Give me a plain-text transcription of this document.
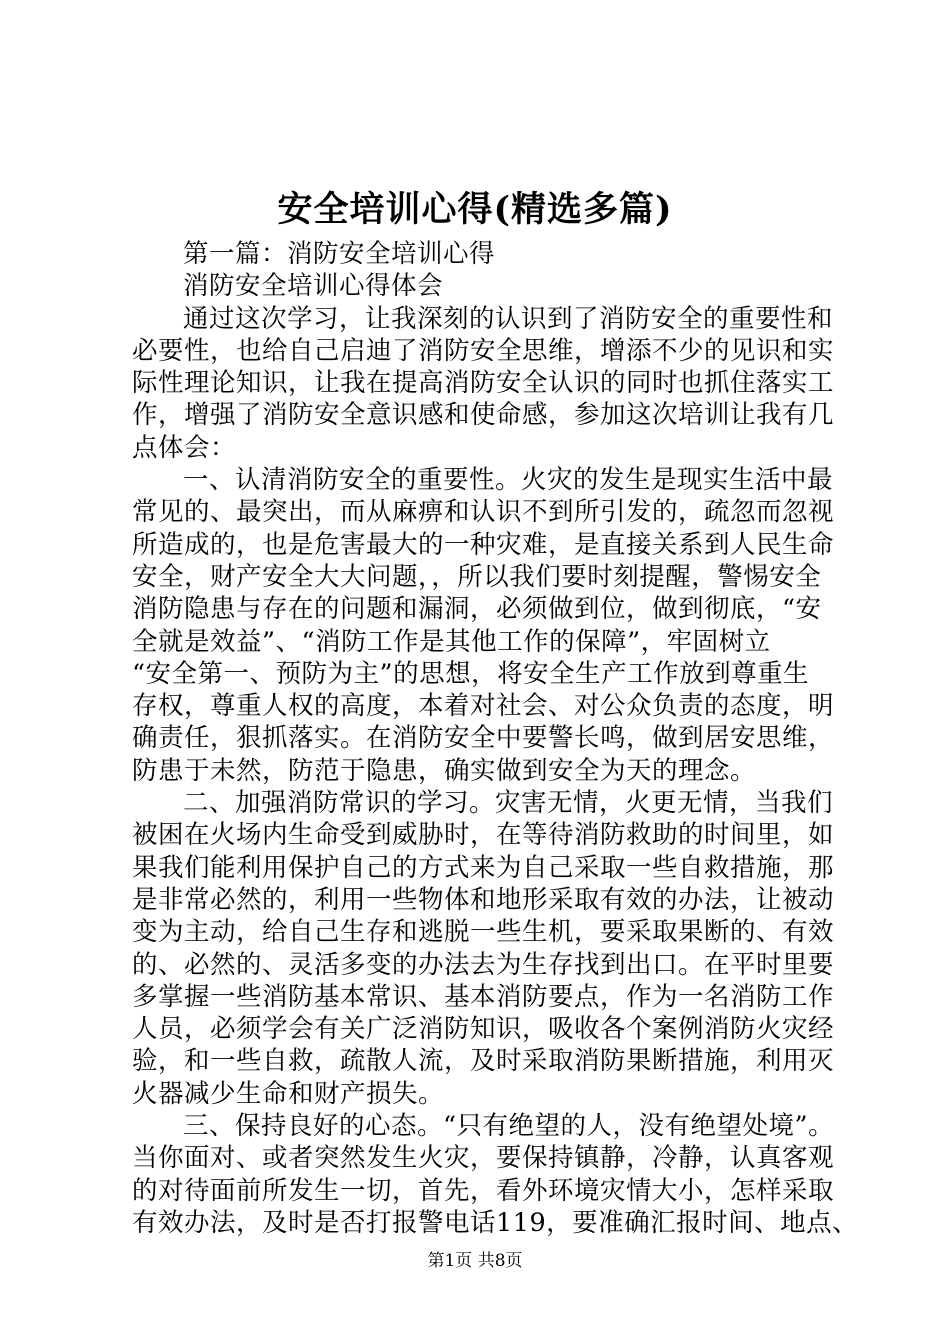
安全培训心得(精选多篇)
第一篇：消防安全培训心得
消防安全培训心得体会
通过这次学习，让我深刻的认识到了消防安全的重要性和
必要性，也给自己启迪了消防安全思维，增添不少的见识和实
际性理论知识，让我在提高消防安全认识的同时也抓住落实工
作，增强了消防安全意识感和使命感，参加这次培训让我有几
点体会：
一、认清消防安全的重要性。火灾的发生是现实生活中最
常见的、最突出，而从麻痹和认识不到所引发的，疏忽而忽视
所造成的，也是危害最大的一种灾难，是直接关系到人民生命
安全，财产安全大大问题，，所以我们要时刻提醒，警惕安全
消防隐患与存在的问题和漏洞，必须做到位，做到彻底，“安
全就是效益”、“消防工作是其他工作的保障”，牢固树立
“安全第一、预防为主”的思想，将安全生产工作放到尊重生
存权，尊重人权的高度，本着对社会、对公众负责的态度，明
确责任，狠抓落实。在消防安全中要警长鸣，做到居安思维，
防患于未然，防范于隐患，确实做到安全为天的理念。
二、加强消防常识的学习。灾害无情，火更无情，当我们
被困在火场内生命受到威胁时，在等待消防救助的时间里，如
果我们能利用保护自己的方式来为自己采取一些自救措施，那
是非常必然的，利用一些物体和地形采取有效的办法，让被动
变为主动，给自己生存和逃脱一些生机，要采取果断的、有效
的、必然的、灵活多变的办法去为生存找到出口。在平时里要
多掌握一些消防基本常识、基本消防要点，作为一名消防工作
人员，必须学会有关广泛消防知识，吸收各个案例消防火灾经
验，和一些自救，疏散人流，及时采取消防果断措施，利用灭
火器减少生命和财产损失。
三、保持良好的心态。“只有绝望的人，没有绝望处境”。
当你面对、或者突然发生火灾，要保持镇静，冷静，认真客观
的对待面前所发生一切，首先，看外环境灾情大小，怎样采取
有效办法，及时是否打报警电话119，要准确汇报时间、地点、
第1页 共8页
